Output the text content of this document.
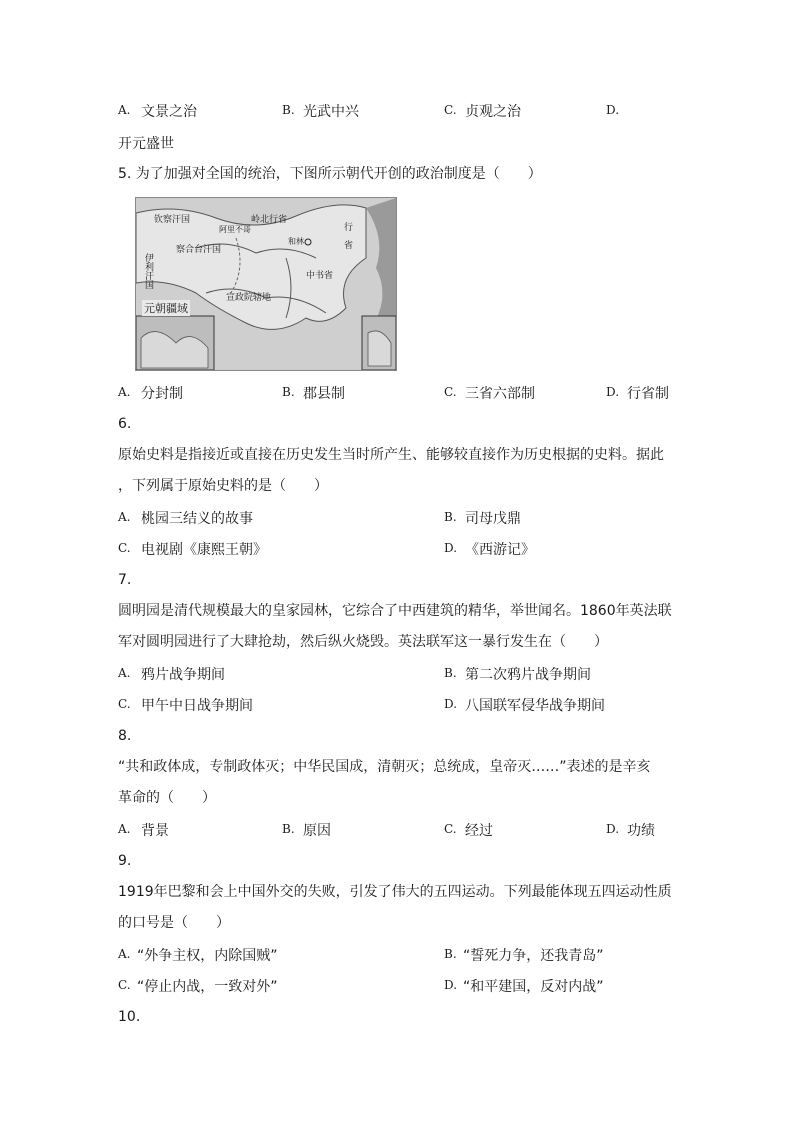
A. 文景之治	B. 光武中兴	C. 贞观之治	D.
开元盛世
5. 为了加强对全国的统治，下图所示朝代开创的政治制度是（　　）
钦察汗国
伊利汗国
察合台汗国
阿里不哥
和林
岭北行省
中书省
宣政院辖地
行
省
元朝疆域
A. 分封制	B. 郡县制	C. 三省六部制	D. 行省制
6.
原始史料是指接近或直接在历史发生当时所产生、能够较直接作为历史根据的史料。据此
，下列属于原始史料的是（　　）
A. 桃园三结义的故事	B. 司母戊鼎
C. 电视剧《康熙王朝》	D. 《西游记》
7.
圆明园是清代规模最大的皇家园林，它综合了中西建筑的精华，举世闻名。1860年英法联
军对圆明园进行了大肆抢劫，然后纵火烧毁。英法联军这一暴行发生在（　　）
A. 鸦片战争期间	B. 第二次鸦片战争期间
C. 甲午中日战争期间	D. 八国联军侵华战争期间
8.
“共和政体成，专制政体灭；中华民国成，清朝灭；总统成，皇帝灭……”表述的是辛亥
革命的（　　）
A. 背景	B. 原因	C. 经过	D. 功绩
9.
1919年巴黎和会上中国外交的失败，引发了伟大的五四运动。下列最能体现五四运动性质
的口号是（　　）
A. “外争主权，内除国贼”	B. “誓死力争，还我青岛”
C. “停止内战，一致对外”	D. “和平建国，反对内战”
10.
